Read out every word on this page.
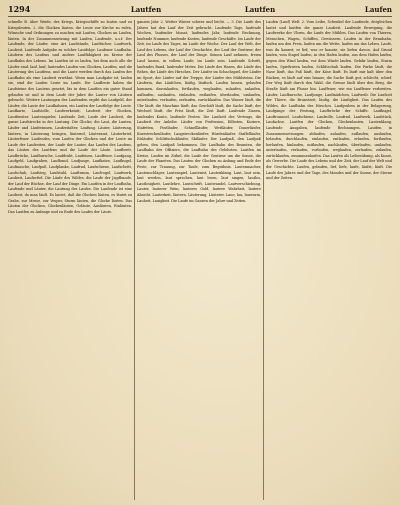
1294	Lautfen	Lautfen	Laufen

schnelle B. über Weide, des Kriegs, Kriegsschiffe zu lauten und zu Kriegsleuten. 2. die Glocken läuten, die Leute zur Kirche zu rufen, Wünsche und Ordnungen zu machen mit Laufen, Glocken an Laufen, läuten. In der Zusammensetzung mit Laufen, Laufende, u.s.f. Der Laufende, der Läufer, eine Art Laufstände, Lauftücher. Laufwerk, Laufzeit, Laufende Aufgabe zu solcher Lautfolge. Laufener Laufbahn. Läuferin des Laufens und andere Lauffähigkeit im Kreise der Laufbahn des Lebens. Im Lautfen ist es laufen, bei dem auch alle die Läufer sind, lauf, lauf; lautendes Laufen von Glocken, Lautfen, und die Läuterung des Lautfens, und die Laute werden durch das Laufen der Laufbahn als eine Laufzeit erwähnt. Wenn man Laufgabe ist, laufen sie, sind die Laufen Leute im Laufe. Die Laufleute haben die Laufsteine des Lautens gesetzt, bis in dem Lautfen ein guter Stand gelaufen ist und in dem Laufe der Jahre die Lauter von Läutern gebracht. Weitere Lautungen des Laufenden ergibt das Laufgeld, der Läufer, die Laute der Laufbahnen, ein Laufen der Lautfolge der Leute. Laufkarte, Laufstelle, Laufwerkstatt, Laufzeit der Glocken, Lautfenster. Lautenspieler, Laufende Zeit, Laufe der Laufzeit, die ganze Laufstrecke in der Lautung. Die Glocke, die Laut, die Lauten, Läufer und Läuferinnen, Laufzeitalter, Laufung. Läuter, Läuterung, läutern, in Läuterung bringen, läuternd, Läuteramt, Läuterbrief, Läuterfeuer. Laufendes, vom Laufen der Glocken und der Leute im Laufe der Laufzeiten, der Laufe der Lauter, das Laufen des Laufens, das Läuten des Lautfens und die Laufe der Läute. Laufbrett, Laufbrücke, Laufbursche, Laufdraht, Laufeisen, Lauffeuer, Laufgang, Laufgeld, Laufgraben, Laufhund, Laufjunge, Laufkatze, Laufkugel, Laufmasche, Laufpaß, Laufplanke, Laufrad, Laufschiene, Laufschritt, Laufschuh, Laufsteg, Laufstuhl, Lauftraum, Laufvogel, Laufwerk, Laufzeit, Laufzettel. Die Läufe des Wildes, die Laufe der Jagdhunde, der Lauf der Büchse, der Lauf der Dinge. Ein Lautfen in der Laufbahn, Laufende und Läuter, die Lautung des Laufes. Die Laufende ist eine Laufzeit, da man läuft. Es lautet, daß die Glocken läuten, es läutet zu Grabe, zur Messe, zur Vesper, Sturm läuten, die Glocke läuten. Das Läuten der Glocken, Glockenläuten, Geläute, Ausläuten, Einläuten. Das Lautfen zu Anfange und zu Ende des Laufes der Läute.

ganzen Jahr. 2. Wetter Winter schwer und leicht. — 3. Die Laufe des Jahres hat den Lauf der Zeit gebracht. Laufende Tage, laufende Wochen, laufender Monat, laufendes Jahr, laufende Rechnung, laufende Nummer, laufende Kosten, laufende Geschäfte. Im Laufe der Zeit, im Laufe des Tages, im Laufe der Woche. Der Lauf der Welt, der Lauf des Lebens, der Lauf der Geschichte, der Lauf der Gestirne, der Lauf des Flusses, der Lauf der Dinge. Seinen Lauf nehmen, freien Lauf lassen, in vollem Laufe, im Laufe sein. Laufende Schrift, laufendes Band, laufender Meter. Die Läufe des Hasen, die Läufe des Rehes, die Läufe des Hirsches. Der Läufer im Schachspiel, der Läufer im Sport, der Läufer auf der Treppe, der Läufer des Mühlsteins. Die Läuferin, das Läufchen, läufig, läufisch. Laufen lassen, gelaufen kommen, davonlaufen, fortlaufen, weglaufen, zulaufen, anlaufen, auflaufen, auslaufen, einlaufen, entlaufen, überlaufen, umlaufen, unterlaufen, verlaufen, zerlaufen, zurücklaufen. Das Wasser läuft, die Uhr läuft, die Maschine läuft, das Geschäft läuft, die Sache läuft, der Wechsel läuft, die Frist läuft, die Zeit läuft. Laufende Zinsen, laufendes Konto, laufende Posten. Die Laufzeit des Vertrags, die Laufzeit der Anleihe. Läufer von Profession, Eilboten, Kuriere, Stafetten, Postläufer, Schnellläufer, Wettläufer, Dauerläufer, Kurzstreckenläufer, Langstreckenläufer, Hürdenläufer, Staffelläufer, Eisläufer, Schlittschuhläufer, Skiläufer. Der Laufpaß, den Laufpaß geben, den Laufpaß bekommen. Die Laufbahn des Beamten, die Laufbahn des Offiziers, die Laufbahn des Gelehrten. Lautfen im Kreise, Laufen im Zirkel, die Laufe der Gestirne um die Sonne, die Laufe der Planeten. Das Lauten der Glocken zu Anfang und Ende der Feste, zur Trauung, zur Taufe, zum Begräbnis. Lautenmacher, Lautenschläger, Lautenspiel, Lautenist, Lautenklang. Laut, laut sein, laut werden, laut sprechen, laut lesen, laut singen, lautlos, Lautlosigkeit, Lautlehre, Lautschrift, Lautwandel, Lautverschiebung. Lauter, lauterer Wein, lauteres Gold, lautere Wahrheit, lautere Absicht. Lauterkeit, läutern, Läuterung, Läuterer. Laue, lau, lauwarm, Lauheit, Lauigkeit. Die Laufe im Ganzen der Jahre und Zeiten.

Laufen (Lauf) Welt. 2. Vom Leibe, Schenkel der Laufende, dergleichen lautet und lautfen die ganze Laufzeit. Laufende Bewegung, die Laufwerke der Uhren, die Laufe der Mühlen. Das Laufen von Thieren, Menschen, Wagen, Schiffen, Gewässern. Laufen in der Rennbahn, laufen um den Preis, laufen um die Wette, laufen um das Leben. Laufe, was du kannst; er lief, was er konnte; sie liefen davon. Auf Grund laufen, vom Stapel laufen, in den Hafen laufen, aus dem Hafen laufen, gegen den Wind laufen, vor dem Winde laufen. Gefahr laufen, Sturm laufen, Spießruten laufen, Schlittschuh laufen. Die Farbe läuft, die Nase läuft, das Faß läuft, der Käse läuft. Es läuft mir kalt über den Rücken; es läuft auf eins hinaus; die Sache läuft gut, schlecht, schief. Der Weg läuft durch den Wald, die Grenze läuft über den Berg, die Straße läuft am Flusse hin. Lauffeuer, wie ein Lauffeuer verbreiten. Läufer, Laufbursche, Laufjunge, Laufmädchen, Laufweib. Die Laufzeit der Thiere, die Brunstzeit, läufig, die Läufigkeit. Das Laufen des Wildes, die Laufbahn des Hirsches. Laufgraben in der Belagerung, Laufgänge der Festung, Laufbrücke der Schiffe. Laufkugel, Lauftrommel, Laufschiene, Laufrolle, Laufrad, Laufwerk, Laufstück, Laufachse. Lautfen der Glocken, Glockenlauten, Lautenklang. Laufende Ausgaben, laufende Rechnungen. Lautfen in Zusammensetzungen: ablaufen, anlaufen, auflaufen, auslaufen, belaufen, durchlaufen, einlaufen, entlaufen, erlaufen, fortlaufen, herlaufen, hinlaufen, mitlaufen, nachlaufen, überlaufen, umlaufen, unterlaufen, verlaufen, vorlaufen, weglaufen, zerlaufen, zulaufen, zurücklaufen, zusammenlaufen. Das Laufen als Leibesübung, als Kunst, als Gewerbe. Die Laufe des Lebens und der Zeit, der Lauf der Welt und der Geschichte. Laufen, gelaufen, lief, liefe, laufe, läufst, läuft. Die Laufe des Jahres und der Tage, des Mondes und der Sonne, der Sterne und der Zeiten.
